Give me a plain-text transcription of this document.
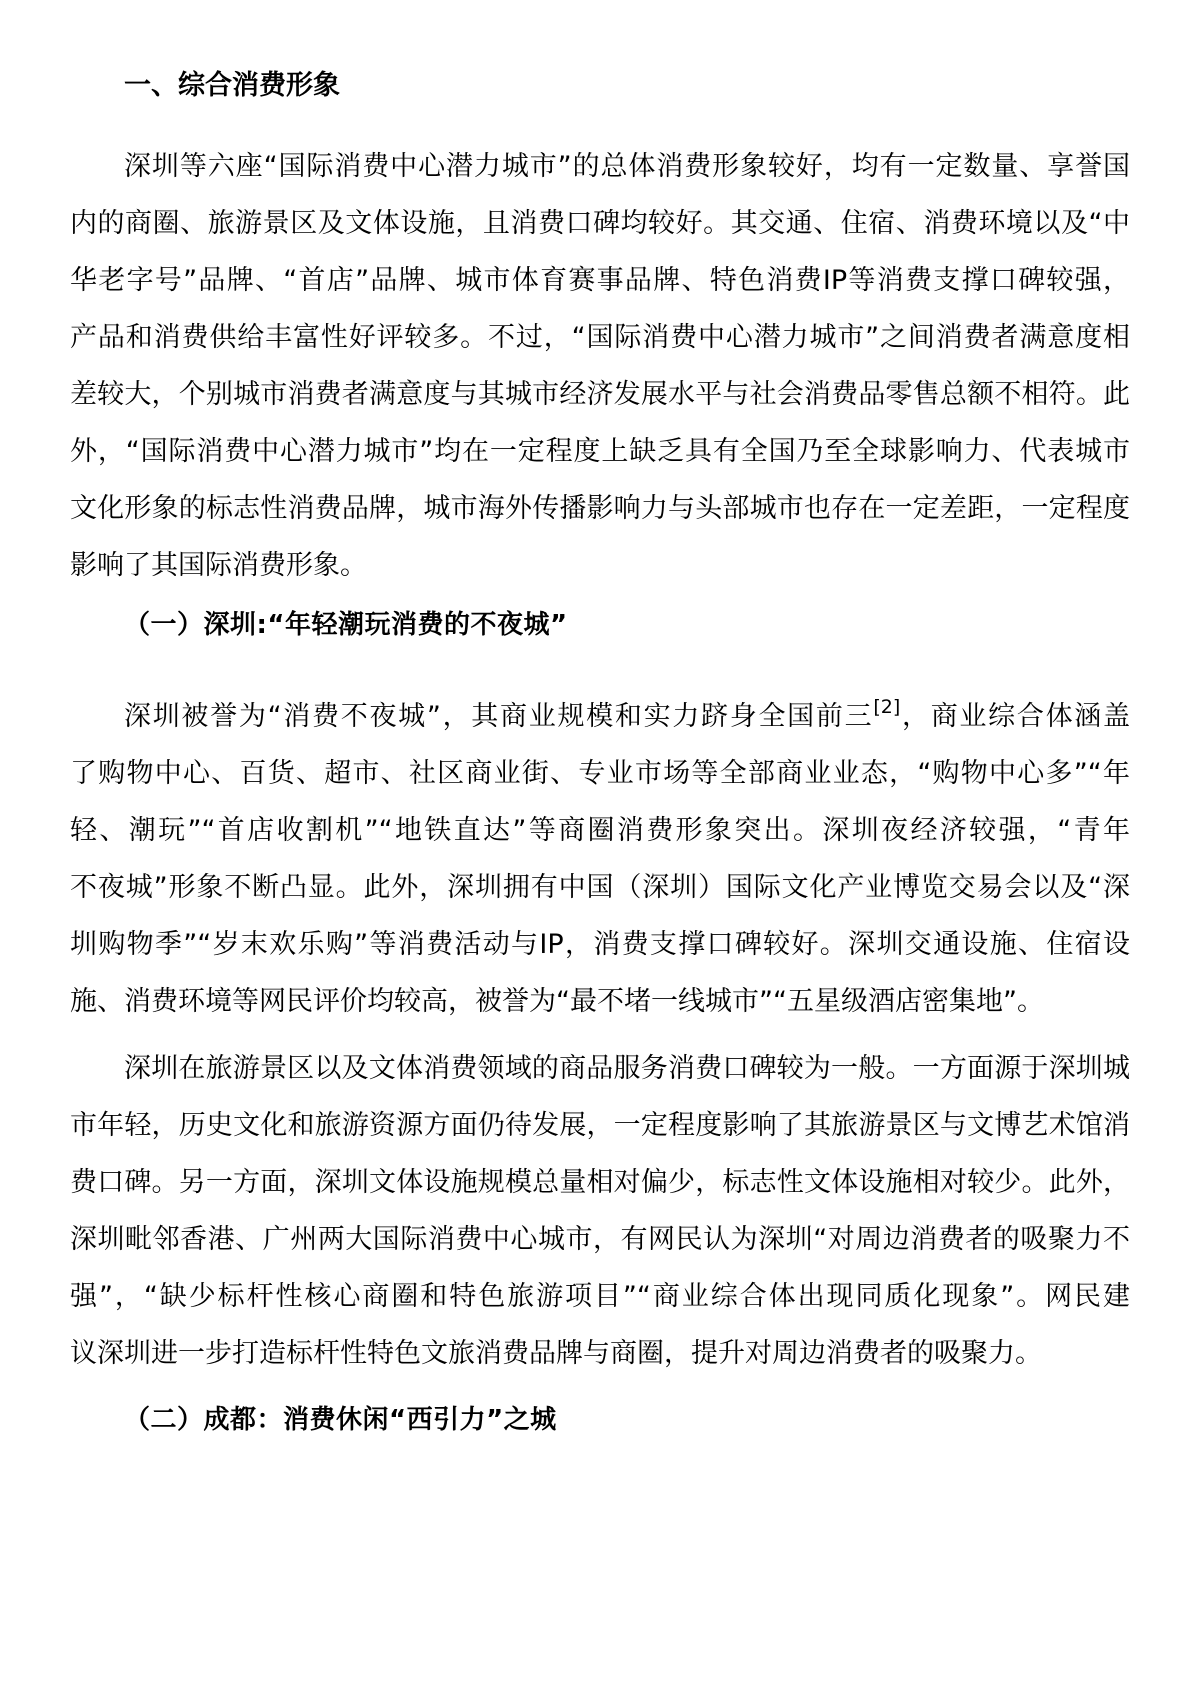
一、综合消费形象
深圳等六座“国际消费中心潜力城市”的总体消费形象较好，均有一定数量、享誉国
内的商圈、旅游景区及文体设施，且消费口碑均较好。其交通、住宿、消费环境以及“中
华老字号”品牌、“首店”品牌、城市体育赛事品牌、特色消费IP等消费支撑口碑较强，
产品和消费供给丰富性好评较多。不过，“国际消费中心潜力城市”之间消费者满意度相
差较大，个别城市消费者满意度与其城市经济发展水平与社会消费品零售总额不相符。此
外，“国际消费中心潜力城市”均在一定程度上缺乏具有全国乃至全球影响力、代表城市
文化形象的标志性消费品牌，城市海外传播影响力与头部城市也存在一定差距，一定程度
影响了其国际消费形象。
（一）深圳:“年轻潮玩消费的不夜城”
深圳被誉为“消费不夜城”，其商业规模和实力跻身全国前三[2]，商业综合体涵盖
了购物中心、百货、超市、社区商业街、专业市场等全部商业业态，“购物中心多”“年
轻、潮玩”“首店收割机”“地铁直达”等商圈消费形象突出。深圳夜经济较强，“青年
不夜城”形象不断凸显。此外，深圳拥有中国（深圳）国际文化产业博览交易会以及“深
圳购物季”“岁末欢乐购”等消费活动与IP，消费支撑口碑较好。深圳交通设施、住宿设
施、消费环境等网民评价均较高，被誉为“最不堵一线城市”“五星级酒店密集地”。
深圳在旅游景区以及文体消费领域的商品服务消费口碑较为一般。一方面源于深圳城
市年轻，历史文化和旅游资源方面仍待发展，一定程度影响了其旅游景区与文博艺术馆消
费口碑。另一方面，深圳文体设施规模总量相对偏少，标志性文体设施相对较少。此外，
深圳毗邻香港、广州两大国际消费中心城市，有网民认为深圳“对周边消费者的吸聚力不
强”，“缺少标杆性核心商圈和特色旅游项目”“商业综合体出现同质化现象”。网民建
议深圳进一步打造标杆性特色文旅消费品牌与商圈，提升对周边消费者的吸聚力。
（二）成都：消费休闲“西引力”之城
